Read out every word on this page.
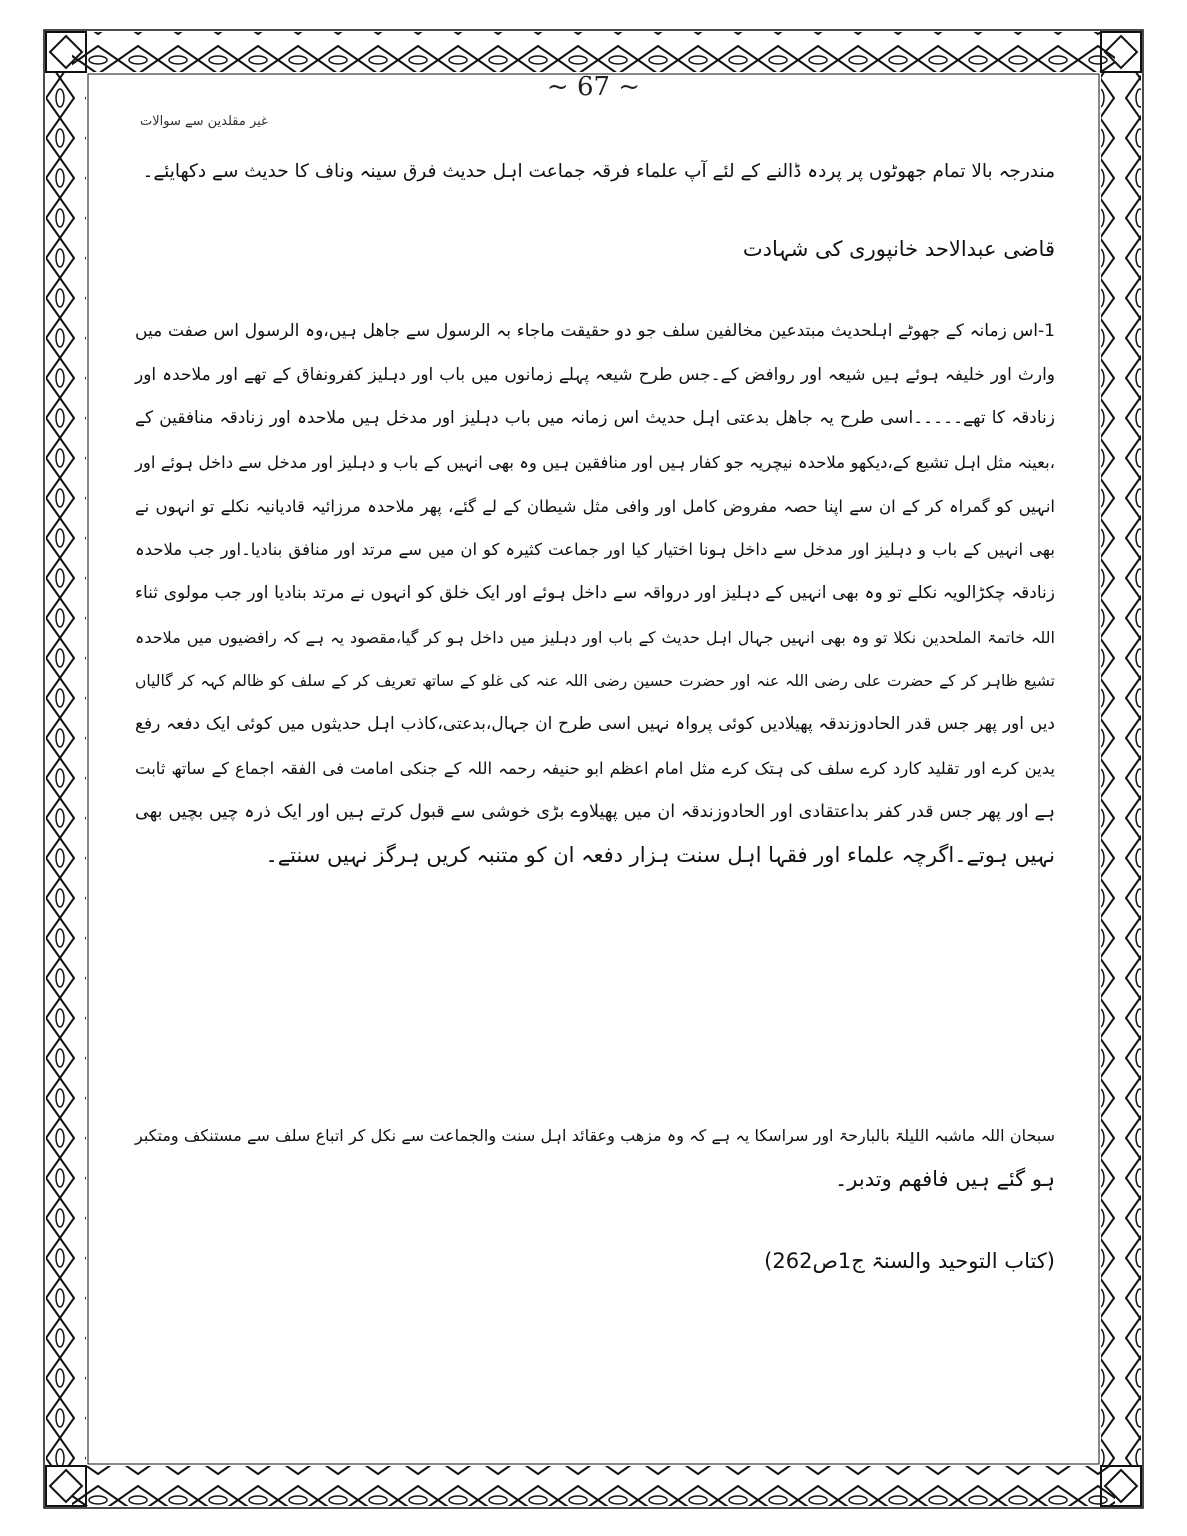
~ 67 ~
غیر مقلدین سے سوالات
مندرجہ بالا تمام جھوٹوں پر پردہ ڈالنے کے لئے آپ علماء فرقہ جماعت اہل حدیث فرق سینہ وناف کا حدیث سے دکھایئے۔
قاضی عبدالاحد خانپوری کی شہادت
1-اس زمانہ کے جھوٹے اہلحدیث مبتدعین مخالفین سلف جو دو حقیقت ماجاء بہ الرسول سے جاھل ہیں،وہ الرسول اس صفت میں
وارث اور خلیفہ ہوئے ہیں شیعہ اور روافض کے۔جس طرح شیعہ پہلے زمانوں میں باب اور دہلیز کفرونفاق کے تھے اور ملاحدہ اور
زنادقہ کا تھے۔۔۔۔۔اسی طرح یہ جاھل بدعتی اہل حدیث اس زمانہ میں باب دہلیز اور مدخل ہیں ملاحدہ اور زنادقہ منافقین کے
،بعینہ مثل اہل تشیع کے،دیکھو ملاحدہ نیچریہ جو کفار ہیں اور منافقین ہیں وہ بھی انہیں کے باب و دہلیز اور مدخل سے داخل ہوئے اور
انہیں کو گمراہ کر کے ان سے اپنا حصہ مفروض کامل اور وافی مثل شیطان کے لے گئے، پھر ملاحدہ مرزائیہ قادیانیہ نکلے تو انہوں نے
بھی انہیں کے باب و دہلیز اور مدخل سے داخل ہونا اختیار کیا اور جماعت کثیرہ کو ان میں سے مرتد اور منافق بنادیا۔اور جب ملاحدہ
زنادقہ چکڑالویہ نکلے تو وہ بھی انہیں کے دہلیز اور درواقہ سے داخل ہوئے اور ایک خلق کو انہوں نے مرتد بنادیا اور جب مولوی ثناء
اللہ خاتمۃ الملحدین نکلا تو وہ بھی انہیں جہال اہل حدیث کے باب اور دہلیز میں داخل ہو کر گیا،مقصود یہ ہے کہ رافضیوں میں ملاحدہ
تشیع ظاہر کر کے حضرت علی رضی اللہ عنہ اور حضرت حسین رضی اللہ عنہ کی غلو کے ساتھ تعریف کر کے سلف کو ظالم کہہ کر گالیاں
دیں اور پھر جس قدر الحادوزندقہ پھیلادیں کوئی پرواہ نہیں اسی طرح ان جہال،بدعتی،کاذب اہل حدیثوں میں کوئی ایک دفعہ رفع
یدین کرے اور تقلید کارد کرے سلف کی ہتک کرے مثل امام اعظم ابو حنیفہ رحمہ اللہ کے جنکی امامت فی الفقہ اجماع کے ساتھ ثابت
ہے اور پھر جس قدر کفر بداعتقادی اور الحادوزندقہ ان میں پھیلاوے بڑی خوشی سے قبول کرتے ہیں اور ایک ذرہ چیں بچیں بھی
نہیں ہوتے۔اگرچہ علماء اور فقہا اہل سنت ہزار دفعہ ان کو متنبہ کریں ہرگز نہیں سنتے۔
سبحان اللہ ماشبہ اللیلۃ بالبارحۃ اور سراسکا یہ ہے کہ وہ مزھب وعقائد اہل سنت والجماعت سے نکل کر اتباع سلف سے مستنکف ومتکبر
ہو گئے ہیں فافھم وتدبر۔
(کتاب التوحید والسنۃ ج1ص262)
